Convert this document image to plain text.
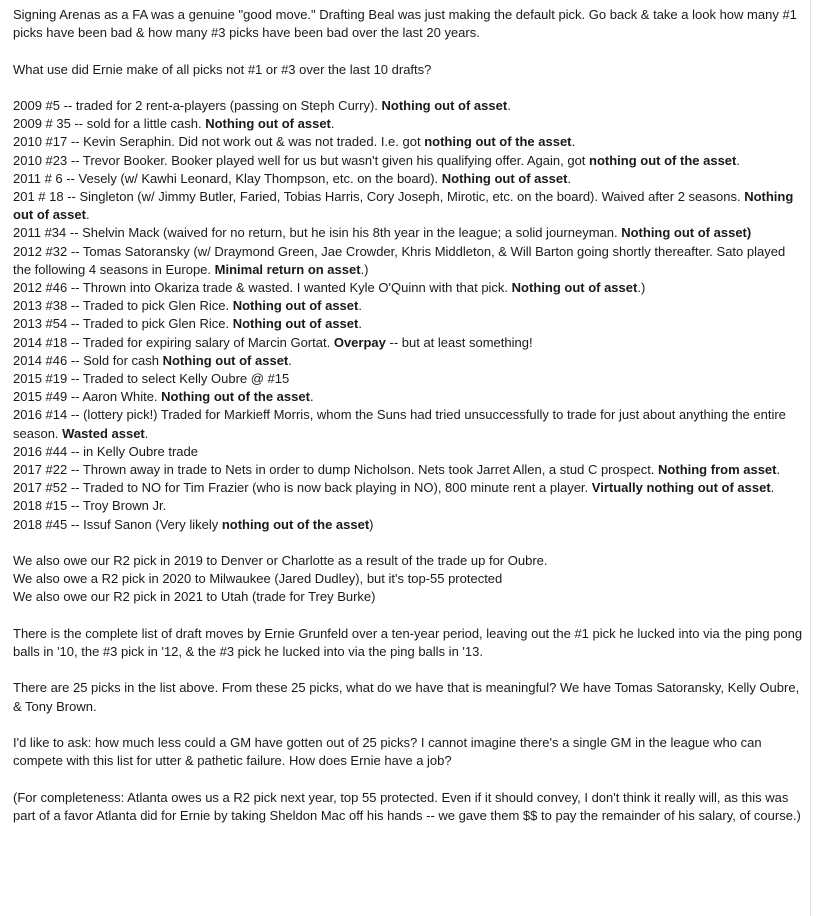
Signing Arenas as a FA was a genuine "good move." Drafting Beal was just making the default pick. Go back & take a look how many #1 picks have been bad & how many #3 picks have been bad over the last 20 years.

What use did Ernie make of all picks not #1 or #3 over the last 10 drafts?

2009 #5 -- traded for 2 rent-a-players (passing on Steph Curry). Nothing out of asset.

2009 # 35 -- sold for a little cash. Nothing out of asset.

2010 #17 -- Kevin Seraphin. Did not work out & was not traded. I.e. got nothing out of the asset.

2010 #23 -- Trevor Booker. Booker played well for us but wasn't given his qualifying offer. Again, got nothing out of the asset.

2011 # 6 -- Vesely (w/ Kawhi Leonard, Klay Thompson, etc. on the board). Nothing out of asset.

201 # 18 -- Singleton (w/ Jimmy Butler, Faried, Tobias Harris, Cory Joseph, Mirotic, etc. on the board). Waived after 2 seasons. Nothing out of asset.

2011 #34 -- Shelvin Mack (waived for no return, but he isin his 8th year in the league; a solid journeyman. Nothing out of asset)

2012 #32 -- Tomas Satoransky (w/ Draymond Green, Jae Crowder, Khris Middleton, & Will Barton going shortly thereafter. Sato played the following 4 seasons in Europe. Minimal return on asset.)

2012 #46 -- Thrown into Okariza trade & wasted. I wanted Kyle O'Quinn with that pick. Nothing out of asset.)

2013 #38 -- Traded to pick Glen Rice. Nothing out of asset.

2013 #54 -- Traded to pick Glen Rice. Nothing out of asset.

2014 #18 -- Traded for expiring salary of Marcin Gortat. Overpay -- but at least something!

2014 #46 -- Sold for cash Nothing out of asset.

2015 #19 -- Traded to select Kelly Oubre @ #15

2015 #49 -- Aaron White. Nothing out of the asset.

2016 #14 -- (lottery pick!) Traded for Markieff Morris, whom the Suns had tried unsuccessfully to trade for just about anything the entire season. Wasted asset.

2016 #44 -- in Kelly Oubre trade

2017 #22 -- Thrown away in trade to Nets in order to dump Nicholson. Nets took Jarret Allen, a stud C prospect. Nothing from asset.

2017 #52 -- Traded to NO for Tim Frazier (who is now back playing in NO), 800 minute rent a player. Virtually nothing out of asset.

2018 #15 -- Troy Brown Jr.

2018 #45 -- Issuf Sanon (Very likely nothing out of the asset)

We also owe our R2 pick in 2019 to Denver or Charlotte as a result of the trade up for Oubre.

We also owe a R2 pick in 2020 to Milwaukee (Jared Dudley), but it's top-55 protected

We also owe our R2 pick in 2021 to Utah (trade for Trey Burke)

There is the complete list of draft moves by Ernie Grunfeld over a ten-year period, leaving out the #1 pick he lucked into via the ping pong balls in '10, the #3 pick in '12, & the #3 pick he lucked into via the ping balls in '13.

There are 25 picks in the list above. From these 25 picks, what do we have that is meaningful? We have Tomas Satoransky, Kelly Oubre, & Tony Brown.

I'd like to ask: how much less could a GM have gotten out of 25 picks? I cannot imagine there's a single GM in the league who can compete with this list for utter & pathetic failure. How does Ernie have a job?

(For completeness: Atlanta owes us a R2 pick next year, top 55 protected. Even if it should convey, I don't think it really will, as this was part of a favor Atlanta did for Ernie by taking Sheldon Mac off his hands -- we gave them $$ to pay the remainder of his salary, of course.)
